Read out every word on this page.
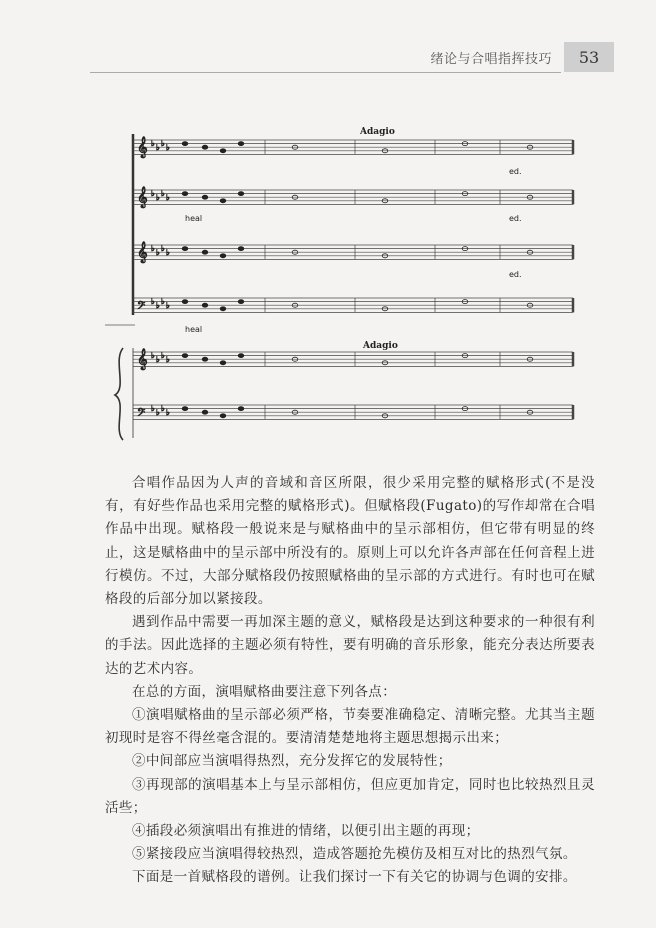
绪论与合唱指挥技巧	53
𝄞 ♭ ♭ ♭ ♭
𝄞 ♭ ♭ ♭ ♭
𝄞 ♭ ♭ ♭ ♭
𝄢 ♭ ♭ ♭ ♭
𝄞 ♭ ♭ ♭ ♭
𝄢 ♭ ♭ ♭ ♭
Adagio
Adagio
ed.
heal	ed.
ed.
heal

合唱作品因为人声的音域和音区所限，很少采用完整的赋格形式(不是没有，有好些作品也采用完整的赋格形式)。但赋格段(Fugato)的写作却常在合唱作品中出现。赋格段一般说来是与赋格曲中的呈示部相仿，但它带有明显的终止，这是赋格曲中的呈示部中所没有的。原则上可以允许各声部在任何音程上进行模仿。不过，大部分赋格段仍按照赋格曲的呈示部的方式进行。有时也可在赋格段的后部分加以紧接段。

遇到作品中需要一再加深主题的意义，赋格段是达到这种要求的一种很有利的手法。因此选择的主题必须有特性，要有明确的音乐形象，能充分表达所要表达的艺术内容。

在总的方面，演唱赋格曲要注意下列各点：

①演唱赋格曲的呈示部必须严格，节奏要准确稳定、清晰完整。尤其当主题初现时是容不得丝毫含混的。要清清楚楚地将主题思想揭示出来；

②中间部应当演唱得热烈，充分发挥它的发展特性；

③再现部的演唱基本上与呈示部相仿，但应更加肯定，同时也比较热烈且灵活些；

④插段必须演唱出有推进的情绪，以便引出主题的再现；

⑤紧接段应当演唱得较热烈，造成答题抢先模仿及相互对比的热烈气氛。

下面是一首赋格段的谱例。让我们探讨一下有关它的协调与色调的安排。
